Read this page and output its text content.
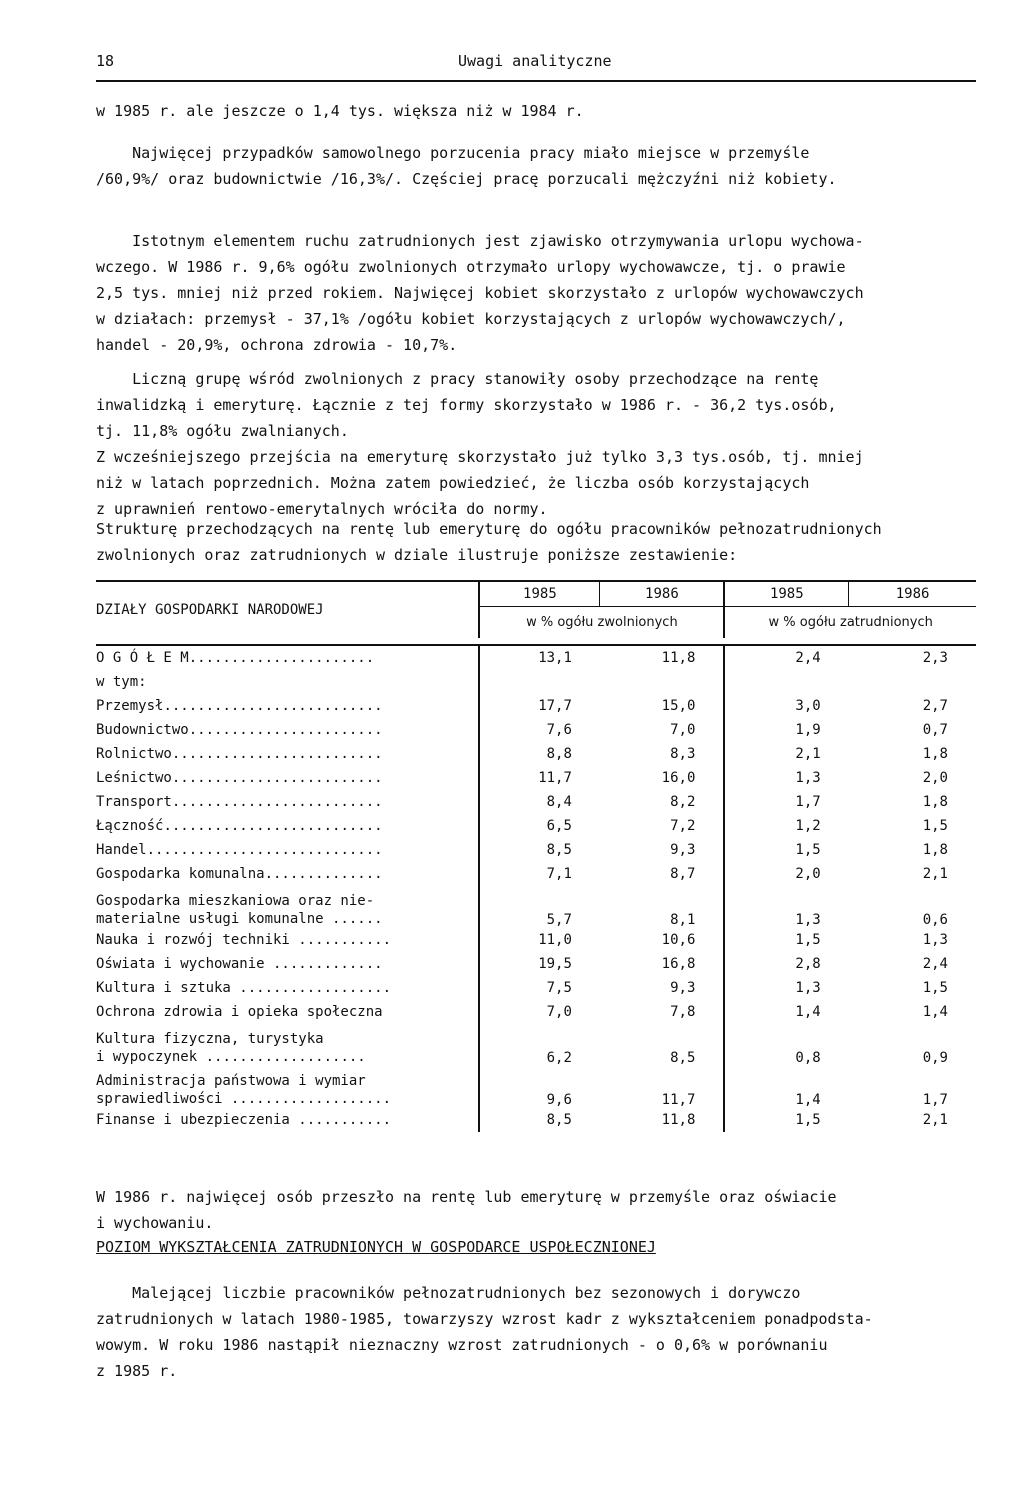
18	Uwagi analityczne

w 1985 r. ale jeszcze o 1,4 tys. większa niż w 1984 r.

Najwięcej przypadków samowolnego porzucenia pracy miało miejsce w przemyśle
/60,9%/ oraz budownictwie /16,3%/. Częściej pracę porzucali mężczyźni niż kobiety.

Istotnym elementem ruchu zatrudnionych jest zjawisko otrzymywania urlopu wychowa-
wczego. W 1986 r. 9,6% ogółu zwolnionych otrzymało urlopy wychowawcze, tj. o prawie
2,5 tys. mniej niż przed rokiem. Najwięcej kobiet skorzystało z urlopów wychowawczych
w działach: przemysł - 37,1% /ogółu kobiet korzystających z urlopów wychowawczych/,
handel - 20,9%, ochrona zdrowia - 10,7%.

Liczną grupę wśród zwolnionych z pracy stanowiły osoby przechodzące na rentę
inwalidzką i emeryturę. Łącznie z tej formy skorzystało w 1986 r. - 36,2 tys.osób,
tj. 11,8% ogółu zwalnianych.

Z wcześniejszego przejścia na emeryturę skorzystało już tylko 3,3 tys.osób, tj. mniej
niż w latach poprzednich. Można zatem powiedzieć, że liczba osób korzystających
z uprawnień rentowo-emerytalnych wróciła do normy.

Strukturę przechodzących na rentę lub emeryturę do ogółu pracowników pełnozatrudnionych
zwolnionych oraz zatrudnionych w dziale ilustruje poniższe zestawienie:

DZIAŁY GOSPODARKI NARODOWEJ	1985	1986	1985	1986
	w % ogółu zwolnionych		w % ogółu zatrudnionych	

O G Ó Ł E M......................	13,1	11,8	2,4	2,3
w tym:				
Przemysł..........................	17,7	15,0	3,0	2,7
Budownictwo.......................	7,6	7,0	1,9	0,7
Rolnictwo.........................	8,8	8,3	2,1	1,8
Leśnictwo.........................	11,7	16,0	1,3	2,0
Transport.........................	8,4	8,2	1,7	1,8
Łączność..........................	6,5	7,2	1,2	1,5
Handel............................	8,5	9,3	1,5	1,8
Gospodarka komunalna..............	7,1	8,7	2,0	2,1
Gospodarka mieszkaniowa oraz nie-
materialne usługi komunalne ......	5,7	8,1	1,3	0,6
Nauka i rozwój techniki ...........	11,0	10,6	1,5	1,3
Oświata i wychowanie .............	19,5	16,8	2,8	2,4
Kultura i sztuka ..................	7,5	9,3	1,3	1,5
Ochrona zdrowia i opieka społeczna	7,0	7,8	1,4	1,4
Kultura fizyczna, turystyka
i wypoczynek ...................	6,2	8,5	0,8	0,9
Administracja państwowa i wymiar
sprawiedliwości ...................	9,6	11,7	1,4	1,7
Finanse i ubezpieczenia ...........	8,5	11,8	1,5	2,1

W 1986 r. najwięcej osób przeszło na rentę lub emeryturę w przemyśle oraz oświacie
i wychowaniu.

POZIOM WYKSZTAŁCENIA ZATRUDNIONYCH W GOSPODARCE USPOŁECZNIONEJ

Malejącej liczbie pracowników pełnozatrudnionych bez sezonowych i dorywczo
zatrudnionych w latach 1980-1985, towarzyszy wzrost kadr z wykształceniem ponadpodsta-
wowym. W roku 1986 nastąpił nieznaczny wzrost zatrudnionych - o 0,6% w porównaniu
z 1985 r.
